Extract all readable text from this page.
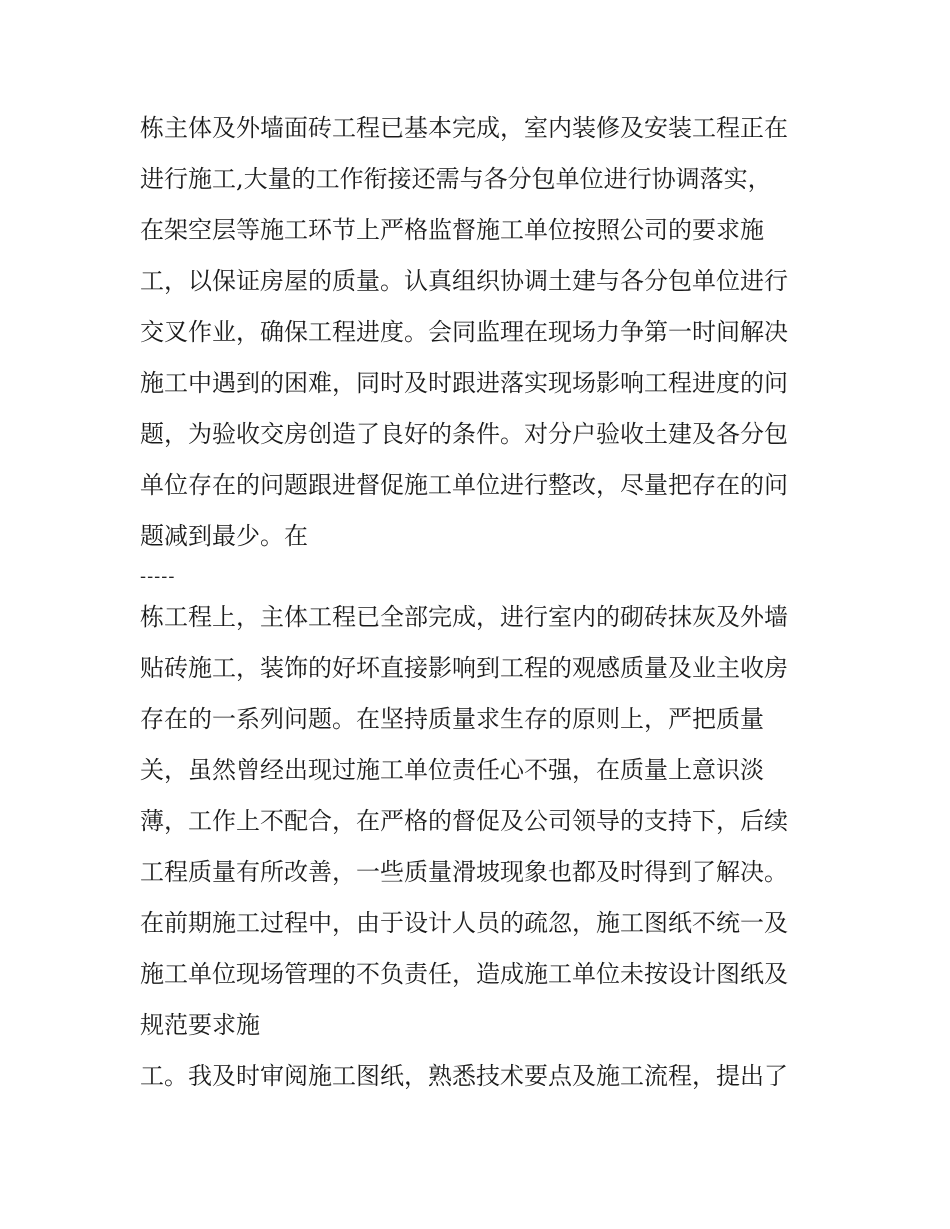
栋主体及外墙面砖工程已基本完成，室内装修及安装工程正在
进行施工,大量的工作衔接还需与各分包单位进行协调落实，
在架空层等施工环节上严格监督施工单位按照公司的要求施
工，以保证房屋的质量。认真组织协调土建与各分包单位进行
交叉作业，确保工程进度。会同监理在现场力争第一时间解决
施工中遇到的困难，同时及时跟进落实现场影响工程进度的问
题，为验收交房创造了良好的条件。对分户验收土建及各分包
单位存在的问题跟进督促施工单位进行整改，尽量把存在的问
题减到最少。在
-----
栋工程上，主体工程已全部完成，进行室内的砌砖抹灰及外墙
贴砖施工，装饰的好坏直接影响到工程的观感质量及业主收房
存在的一系列问题。在坚持质量求生存的原则上，严把质量
关，虽然曾经出现过施工单位责任心不强，在质量上意识淡
薄，工作上不配合，在严格的督促及公司领导的支持下，后续
工程质量有所改善，一些质量滑坡现象也都及时得到了解决。
在前期施工过程中，由于设计人员的疏忽，施工图纸不统一及
施工单位现场管理的不负责任，造成施工单位未按设计图纸及
规范要求施
工。我及时审阅施工图纸，熟悉技术要点及施工流程，提出了
